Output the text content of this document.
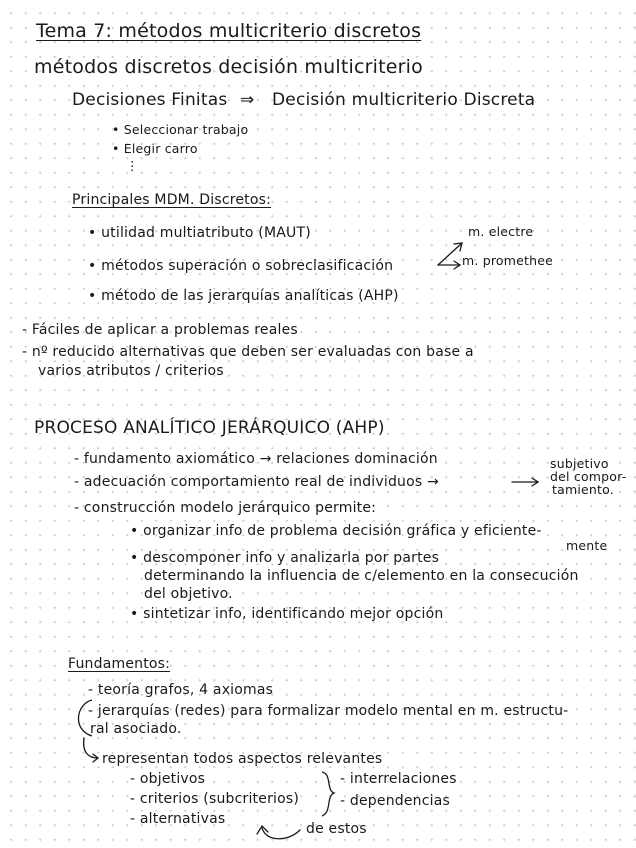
Tema 7: métodos multicriterio discretos
métodos discretos decisión multicriterio
Decisiones Finitas ⇒ Decisión multicriterio Discreta
• Seleccionar trabajo
• Elegir carro
⋮
Principales MDM. Discretos:
• utilidad multiatributo (MAUT)
• métodos superación o sobreclasificación
• método de las jerarquías analíticas (AHP)
m. electre
m. promethee
- Fáciles de aplicar a problemas reales
- nº reducido alternativas que deben ser evaluadas con base a
varios atributos / criterios
PROCESO ANALÍTICO JERÁRQUICO (AHP)
- fundamento axiomático → relaciones dominación
- adecuación comportamiento real de individuos →
subjetivo
del compor-
tamiento.
- construcción modelo jerárquico permite:
• organizar info de problema decisión gráfica y eficiente-
mente
• descomponer info y analizarla por partes
determinando la influencia de c/elemento en la consecución
del objetivo.
• sintetizar info, identificando mejor opción
Fundamentos:
- teoría grafos, 4 axiomas
- jerarquías (redes) para formalizar modelo mental en m. estructu-
ral asociado.
representan todos aspectos relevantes
- objetivos
- criterios (subcriterios)
- alternativas
- interrelaciones
- dependencias
de estos
